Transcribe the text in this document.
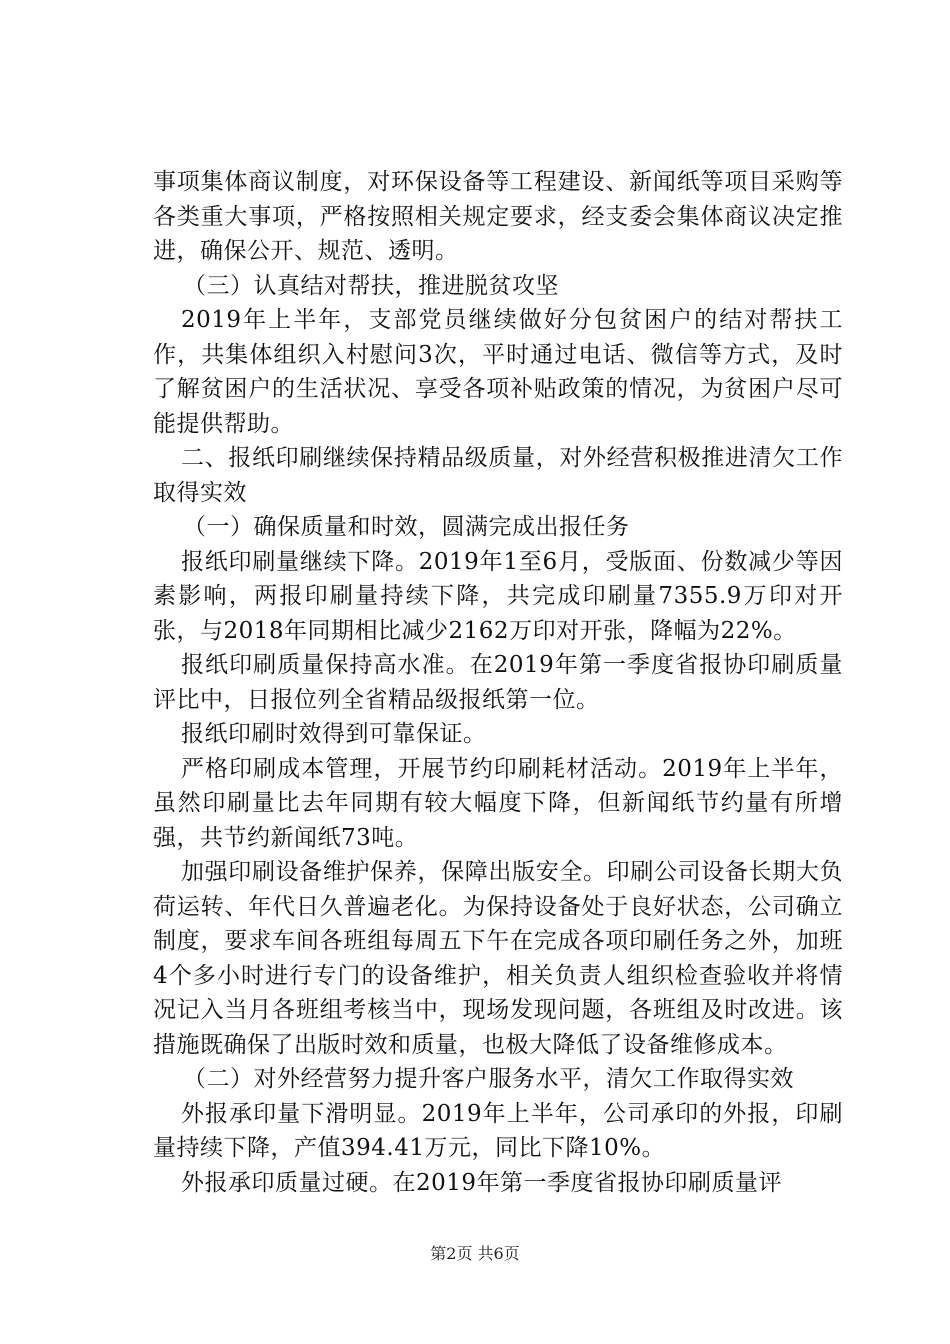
事项集体商议制度，对环保设备等工程建设、新闻纸等项目采购等各类重大事项，严格按照相关规定要求，经支委会集体商议决定推进，确保公开、规范、透明。

（三）认真结对帮扶，推进脱贫攻坚

2019年上半年，支部党员继续做好分包贫困户的结对帮扶工作，共集体组织入村慰问3次，平时通过电话、微信等方式，及时了解贫困户的生活状况、享受各项补贴政策的情况，为贫困户尽可能提供帮助。

二、报纸印刷继续保持精品级质量，对外经营积极推进清欠工作取得实效

（一）确保质量和时效，圆满完成出报任务

报纸印刷量继续下降。2019年1至6月，受版面、份数减少等因素影响，两报印刷量持续下降，共完成印刷量7355.9万印对开张，与2018年同期相比减少2162万印对开张，降幅为22%。

报纸印刷质量保持高水准。在2019年第一季度省报协印刷质量评比中，日报位列全省精品级报纸第一位。

报纸印刷时效得到可靠保证。

严格印刷成本管理，开展节约印刷耗材活动。2019年上半年，虽然印刷量比去年同期有较大幅度下降，但新闻纸节约量有所增强，共节约新闻纸73吨。

加强印刷设备维护保养，保障出版安全。印刷公司设备长期大负荷运转、年代日久普遍老化。为保持设备处于良好状态，公司确立制度，要求车间各班组每周五下午在完成各项印刷任务之外，加班4个多小时进行专门的设备维护，相关负责人组织检查验收并将情况记入当月各班组考核当中，现场发现问题，各班组及时改进。该措施既确保了出版时效和质量，也极大降低了设备维修成本。

（二）对外经营努力提升客户服务水平，清欠工作取得实效

外报承印量下滑明显。2019年上半年，公司承印的外报，印刷量持续下降，产值394.41万元，同比下降10%。

外报承印质量过硬。在2019年第一季度省报协印刷质量评

第2页 共6页
